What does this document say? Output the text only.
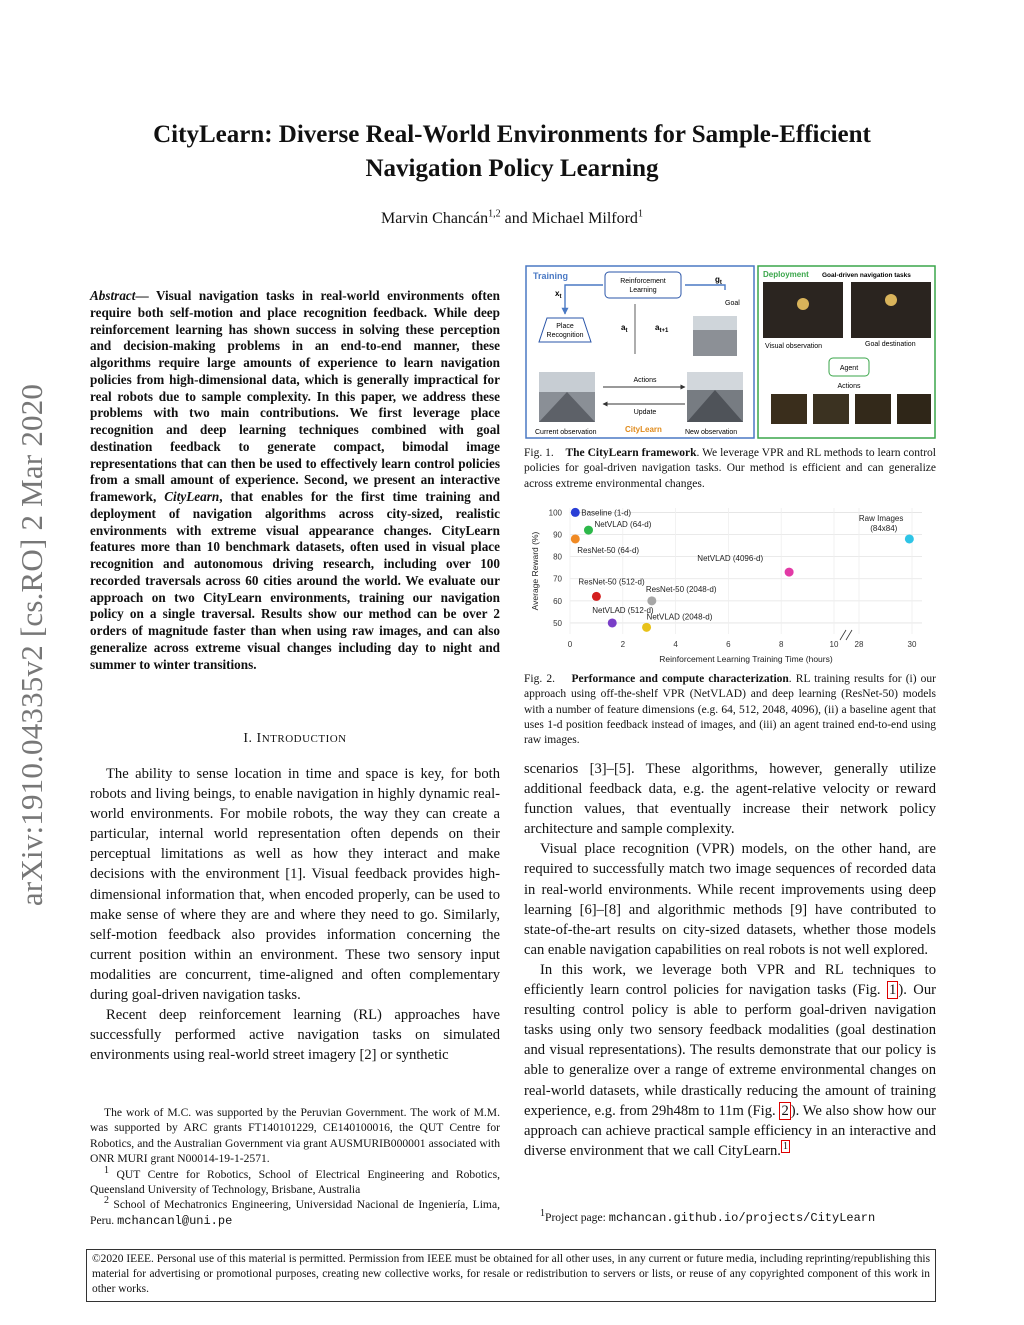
CityLearn: Diverse Real-World Environments for Sample-Efficient
Navigation Policy Learning
Marvin Chancán$^{1,2}$ and Michael Milford$^1$
arXiv:1910.04335v2 [cs.RO] 2 Mar 2020
Abstract— Visual navigation tasks in real-world environments often require both self-motion and place recognition feedback. While deep reinforcement learning has shown success in solving these perception and decision-making problems in an end-to-end manner, these algorithms require large amounts of experience to learn navigation policies from high-dimensional data, which is generally impractical for real robots due to sample complexity. In this paper, we address these problems with two main contributions. We first leverage place recognition and deep learning techniques combined with goal destination feedback to generate compact, bimodal image representations that can then be used to effectively learn control policies from a small amount of experience. Second, we present an interactive framework, CityLearn, that enables for the first time training and deployment of navigation algorithms across city-sized, realistic environments with extreme visual appearance changes. CityLearn features more than 10 benchmark datasets, often used in visual place recognition and autonomous driving research, including over 100 recorded traversals across 60 cities around the world. We evaluate our approach on two CityLearn environments, training our navigation policy on a single traversal. Results show our method can be over 2 orders of magnitude faster than when using raw images, and can also generalize across extreme visual changes including day to night and summer to winter transitions.
I. INTRODUCTION

The ability to sense location in time and space is key, for both robots and living beings, to enable navigation in highly dynamic real-world environments. For mobile robots, the way they can create a particular, internal world representation often depends on their perceptual limitations as well as how they interact and make decisions with the environment [1]. Visual feedback provides high-dimensional information that, when encoded properly, can be used to make sense of where they are and where they need to go. Similarly, self-motion feedback also provides information concerning the current position within an environment. These two sensory input modalities are concurrent, time-aligned and often complementary during goal-driven navigation tasks.

Recent deep reinforcement learning (RL) approaches have successfully performed active navigation tasks on simulated environments using real-world street imagery [2] or synthetic

The work of M.C. was supported by the Peruvian Government. The work of M.M. was supported by ARC grants FT140101229, CE140100016, the QUT Centre for Robotics, and the Australian Government via grant AUSMURIB000001 associated with ONR MURI grant N00014-19-1-2571.

$^1$ QUT Centre for Robotics, School of Electrical Engineering and Robotics, Queensland University of Technology, Brisbane, Australia

$^2$ School of Mechatronics Engineering, Universidad Nacional de Ingeniería, Lima, Peru. mchancanl@uni.pe

Training
Reinforcement
Learning
$x_t$
$g_t$
Goal
Place
Recognition
$a_t$	$a_{t+1}$
Actions
Update
Current observation	CityLearn	New observation
Deployment Goal-driven navigation tasks
Visual observation	Goal destination
Agent
Actions
Fig. 1. The CityLearn framework. We leverage VPR and RL methods to learn control policies for goal-driven navigation tasks. Our method is efficient and can generalize across extreme environmental changes.
50
60
70
80
90
100
0	2	4	6	8	10 28	30
Reinforcement Learning Training Time (hours)
Average Reward (%)
Baseline (1-d)
NetVLAD (64-d)
ResNet-50 (64-d)
NetVLAD (4096-d)
ResNet-50 (512-d)
ResNet-50 (2048-d)
NetVLAD (512-d)
NetVLAD (2048-d)
Raw Images
(84x84)
Fig. 2. Performance and compute characterization. RL training results for (i) our approach using off-the-shelf VPR (NetVLAD) and deep learning (ResNet-50) models with a number of feature dimensions (e.g. 64, 512, 2048, 4096), (ii) a baseline agent that uses 1-d position feedback instead of images, and (iii) an agent trained end-to-end using raw images.

scenarios [3]–[5]. These algorithms, however, generally utilize additional feedback data, e.g. the agent-relative velocity or reward function values, that eventually increase their network policy architecture and sample complexity.

Visual place recognition (VPR) models, on the other hand, are required to successfully match two image sequences of recorded data in real-world environments. While recent improvements using deep learning [6]–[8] and algorithmic methods [9] have contributed to state-of-the-art results on city-sized datasets, whether those models can enable navigation capabilities on real robots is not well explored.

In this work, we leverage both VPR and RL techniques to efficiently learn control policies for navigation tasks (Fig. 1 ). Our resulting control policy is able to perform goal-driven navigation tasks using only two sensory feedback modalities (goal destination and visual representations). The results demonstrate that our policy is able to generalize over a range of extreme environmental changes on real-world datasets, while drastically reducing the amount of training experience, e.g. from 29h48m to 11m (Fig. 2 ). We also show how our approach can achieve practical sample efficiency in an interactive and diverse environment that we call CityLearn. $^1$

$^1$Project page: mchancan.github.io/projects/CityLearn
©2020 IEEE. Personal use of this material is permitted. Permission from IEEE must be obtained for all other uses, in any current or future media, including reprinting/republishing this material for advertising or promotional purposes, creating new collective works, for resale or redistribution to servers or lists, or reuse of any copyrighted component of this work in other works.
